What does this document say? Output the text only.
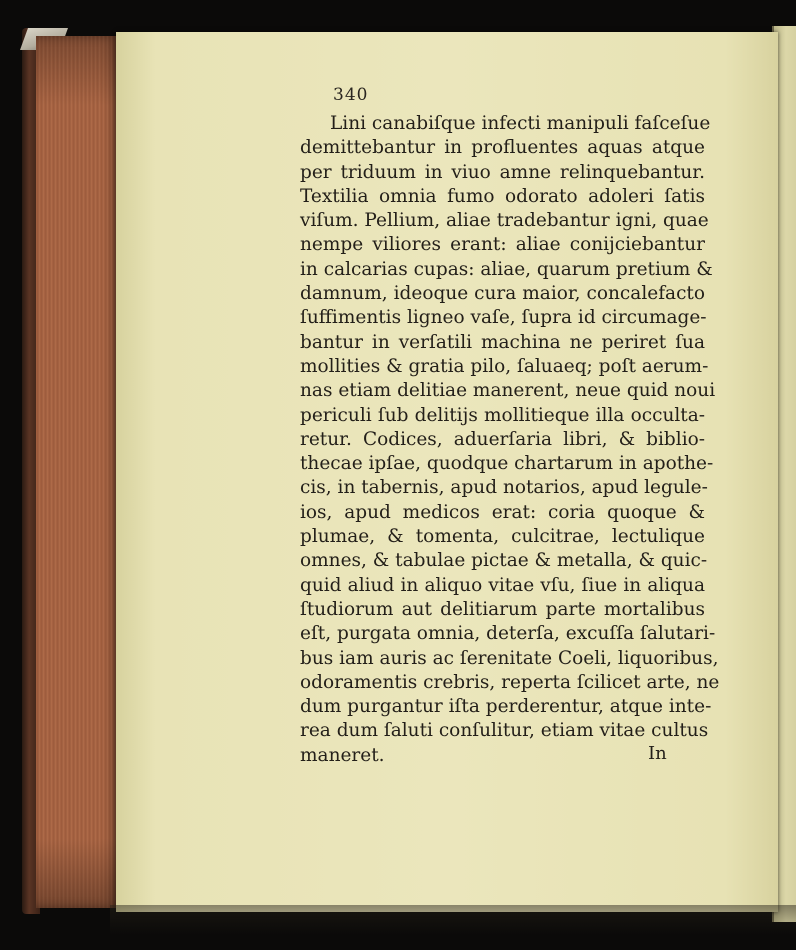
340
Lini canabiſque infecti manipuli faſceſue
demittebantur in profluentes aquas atque
per triduum in viuo amne relinquebantur.
Textilia omnia fumo odorato adoleri ſatis
viſum. Pellium, aliae tradebantur igni, quae
nempe viliores erant: aliae conijciebantur
in calcarias cupas: aliae, quarum pretium &
damnum, ideoque cura maior, concalefacto
ſuffimentis ligneo vaſe, ſupra id circumage-
bantur in verſatili machina ne periret ſua
mollities & gratia pilo, ſaluaeq; poſt aerum-
nas etiam delitiae manerent, neue quid noui
periculi ſub delitijs mollitieque illa occulta-
retur. Codices, aduerſaria libri, & biblio-
thecae ipſae, quodque chartarum in apothe-
cis, in tabernis, apud notarios, apud legule-
ios, apud medicos erat: coria quoque &
plumae, & tomenta, culcitrae, lectulique
omnes, & tabulae pictae & metalla, & quic-
quid aliud in aliquo vitae vſu, ſiue in aliqua
ſtudiorum aut delitiarum parte mortalibus
eſt, purgata omnia, deterſa, excuſſa ſalutari-
bus iam auris ac ſerenitate Coeli, liquoribus,
odoramentis crebris, reperta ſcilicet arte, ne
dum purgantur iſta perderentur, atque inte-
rea dum ſaluti conſulitur, etiam vitae cultus
maneret.	In
